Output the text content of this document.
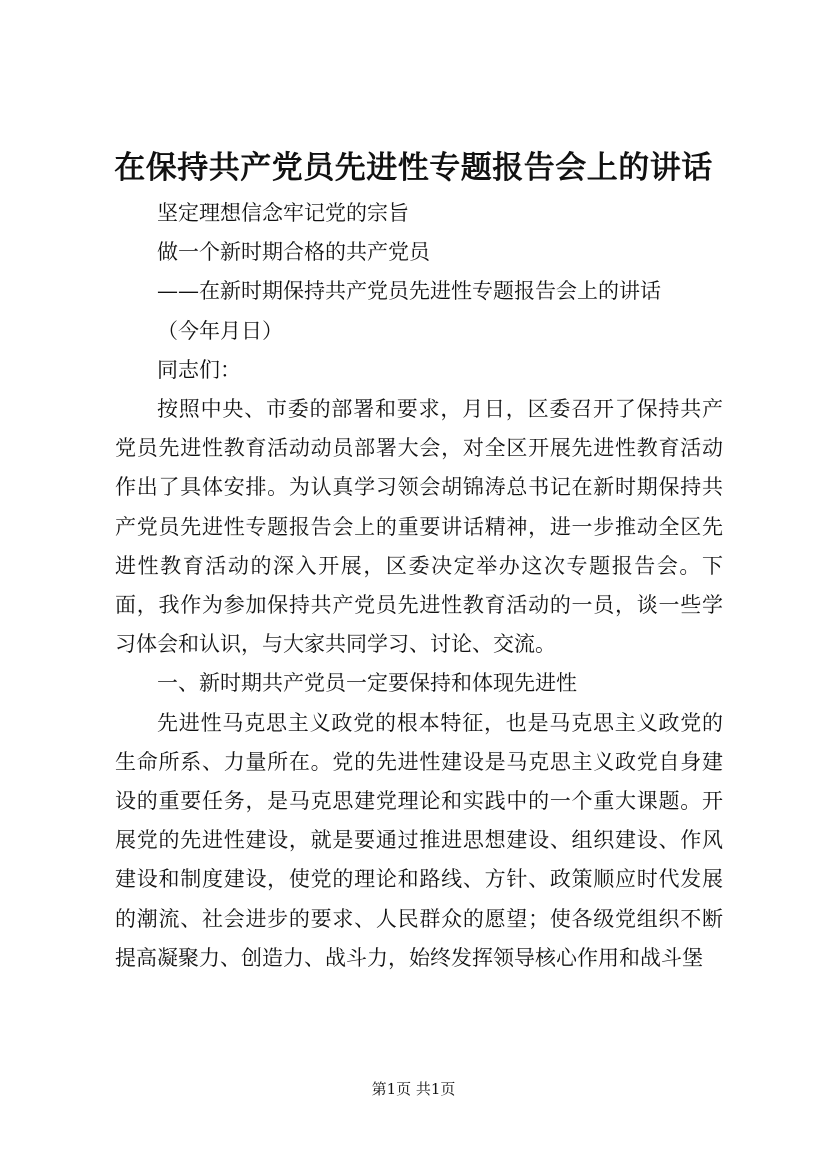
在保持共产党员先进性专题报告会上的讲话

坚定理想信念牢记党的宗旨

做一个新时期合格的共产党员

——在新时期保持共产党员先进性专题报告会上的讲话

（今年月日）

同志们：

按照中央、市委的部署和要求，月日，区委召开了保持共产党员先进性教育活动动员部署大会，对全区开展先进性教育活动作出了具体安排。为认真学习领会胡锦涛总书记在新时期保持共产党员先进性专题报告会上的重要讲话精神，进一步推动全区先进性教育活动的深入开展，区委决定举办这次专题报告会。下面，我作为参加保持共产党员先进性教育活动的一员，谈一些学习体会和认识，与大家共同学习、讨论、交流。

一、新时期共产党员一定要保持和体现先进性

先进性马克思主义政党的根本特征，也是马克思主义政党的生命所系、力量所在。党的先进性建设是马克思主义政党自身建设的重要任务，是马克思建党理论和实践中的一个重大课题。开展党的先进性建设，就是要通过推进思想建设、组织建设、作风建设和制度建设，使党的理论和路线、方针、政策顺应时代发展的潮流、社会进步的要求、人民群众的愿望；使各级党组织不断提高凝聚力、创造力、战斗力，始终发挥领导核心作用和战斗堡

第1页 共1页
